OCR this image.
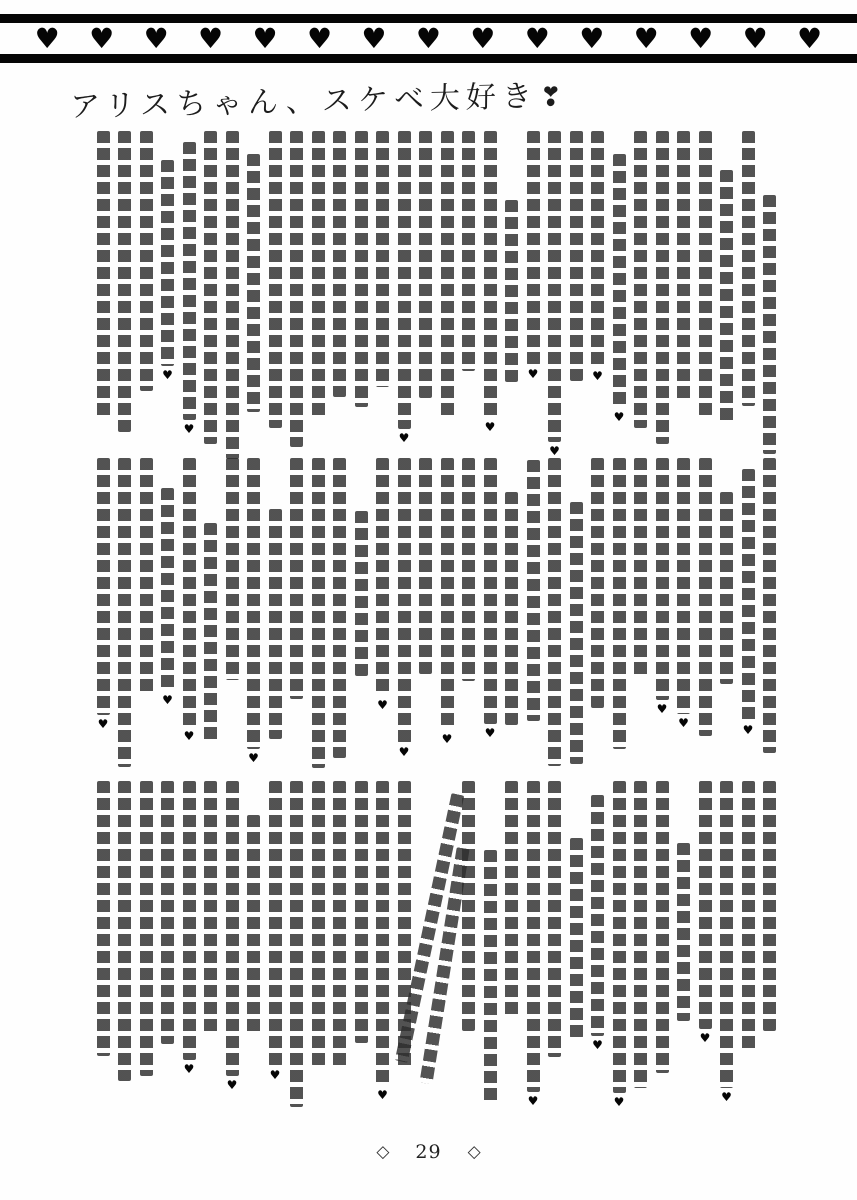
♥ ♥ ♥ ♥ ♥ ♥ ♥ ♥ ♥ ♥ ♥ ♥ ♥ ♥ ♥
アリスちゃん、スケベ大好き❣
♥
♥
♥
♥
♥
♥
♥
♥
♥
♥
♥
♥
♥
♥
♥
♥
♥
♥
♥
♥
♥
♥
♥
♥
♥
♥
♥
♥
◇ 29 ◇
